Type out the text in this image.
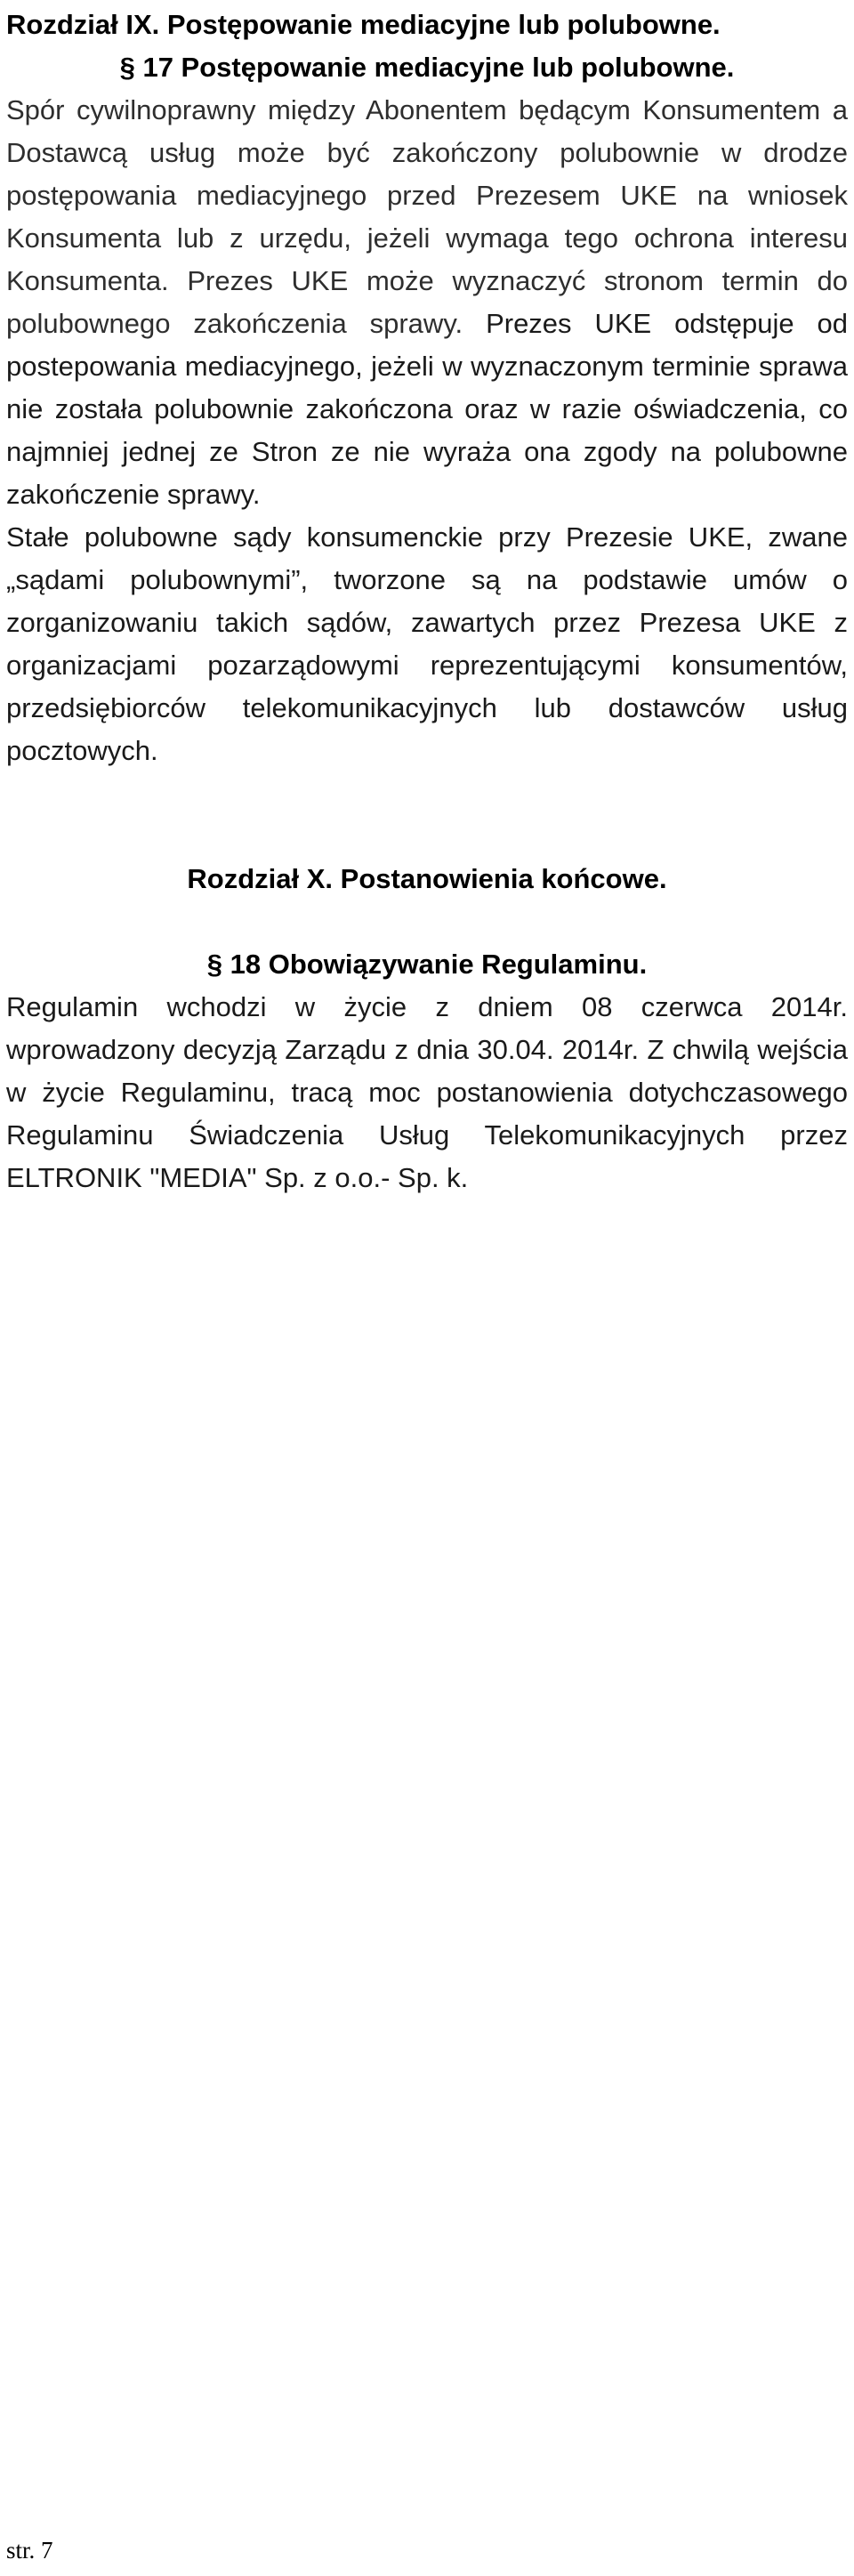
Rozdział IX. Postępowanie mediacyjne lub polubowne.
§ 17 Postępowanie mediacyjne lub polubowne.

Spór cywilnoprawny między Abonentem będącym Konsumentem a Dostawcą usług może być zakończony polubownie w drodze postępowania mediacyjnego przed Prezesem UKE na wniosek Konsumenta lub z urzędu, jeżeli wymaga tego ochrona interesu Konsumenta. Prezes UKE może wyznaczyć stronom termin do polubownego zakończenia sprawy. Prezes UKE odstępuje od postepowania mediacyjnego, jeżeli w wyznaczonym terminie sprawa nie została polubownie zakończona oraz w razie oświadczenia, co najmniej jednej ze Stron ze nie wyraża ona zgody na polubowne zakończenie sprawy.

Stałe polubowne sądy konsumenckie przy Prezesie UKE, zwane „sądami polubownymi”, tworzone są na podstawie umów o zorganizowaniu takich sądów, zawartych przez Prezesa UKE z organizacjami pozarządowymi reprezentującymi konsumentów, przedsiębiorców telekomunikacyjnych lub dostawców usług pocztowych.

Rozdział X. Postanowienia końcowe.
§ 18 Obowiązywanie Regulaminu.

Regulamin wchodzi w życie z dniem 08 czerwca 2014r. wprowadzony decyzją Zarządu z dnia 30.04. 2014r. Z chwilą wejścia w życie Regulaminu, tracą moc postanowienia dotychczasowego Regulaminu Świadczenia Usług Telekomunikacyjnych przez ELTRONIK "MEDIA" Sp. z o.o.- Sp. k.

str. 7
